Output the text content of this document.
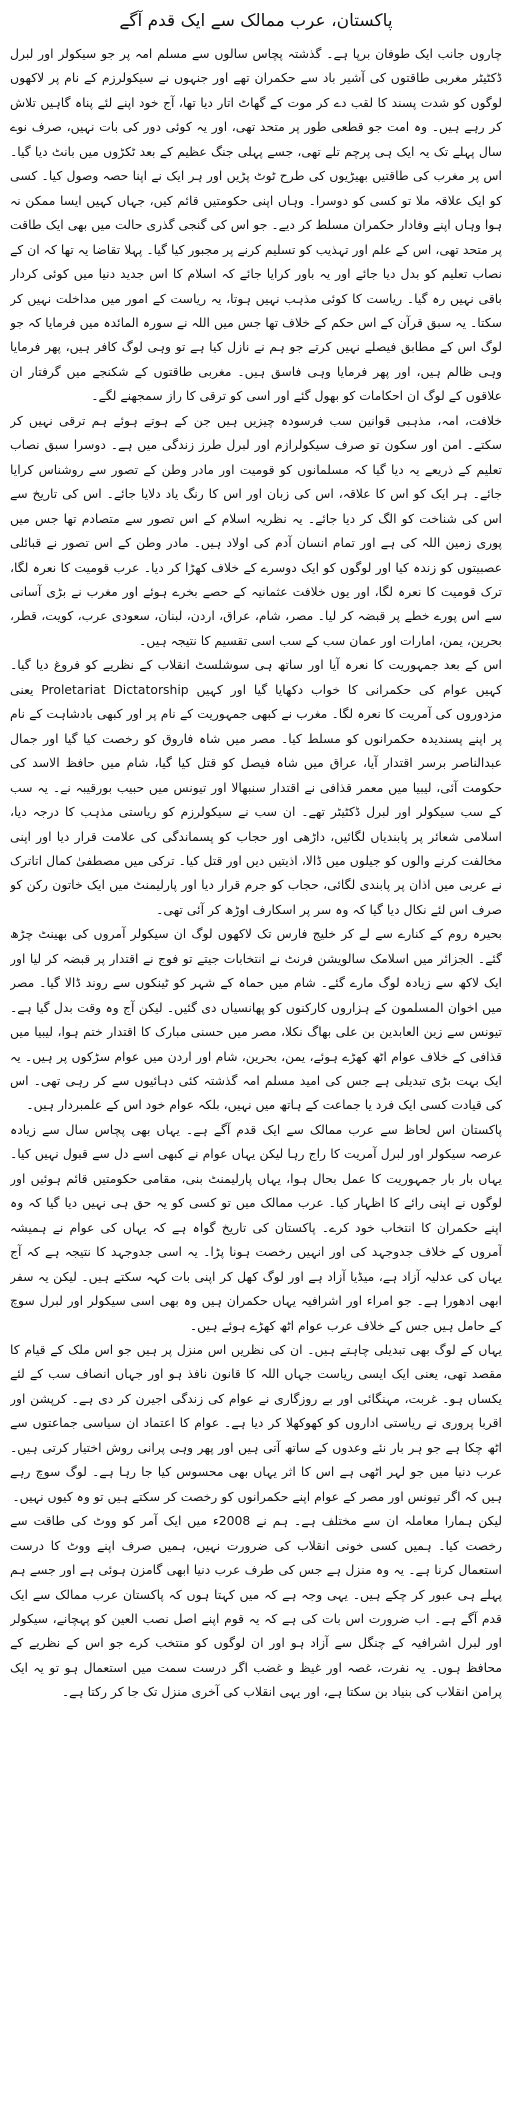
پاکستان، عرب ممالک سے ایک قدم آگے

چاروں جانب ایک طوفان برپا ہے۔ گذشتہ پچاس سالوں سے مسلم امہ پر جو سیکولر اور لبرل ڈکٹیٹر مغربی طاقتوں کی آشیر باد سے حکمران تھے اور جنہوں نے سیکولرزم کے نام پر لاکھوں لوگوں کو شدت پسند کا لقب دے کر موت کے گھاٹ اتار دیا تھا، آج خود اپنے لئے پناہ گاہیں تلاش کر رہے ہیں۔ وہ امت جو قطعی طور پر متحد تھی، اور یہ کوئی دور کی بات نہیں، صرف نوے سال پہلے تک یہ ایک ہی پرچم تلے تھی، جسے پہلی جنگ عظیم کے بعد ٹکڑوں میں بانٹ دیا گیا۔ اس پر مغرب کی طاقتیں بھیڑیوں کی طرح ٹوٹ پڑیں اور ہر ایک نے اپنا حصہ وصول کیا۔ کسی کو ایک علاقہ ملا تو کسی کو دوسرا۔ وہاں اپنی حکومتیں قائم کیں، جہاں کہیں ایسا ممکن نہ ہوا وہاں اپنے وفادار حکمران مسلط کر دیے۔ جو اس کی گنجی گذری حالت میں بھی ایک طاقت پر متحد تھی، اس کے علم اور تہذیب کو تسلیم کرنے پر مجبور کیا گیا۔ پہلا تقاضا یہ تھا کہ ان کے نصاب تعلیم کو بدل دیا جائے اور یہ باور کرایا جائے کہ اسلام کا اس جدید دنیا میں کوئی کردار باقی نہیں رہ گیا۔ ریاست کا کوئی مذہب نہیں ہوتا، یہ ریاست کے امور میں مداخلت نہیں کر سکتا۔ یہ سبق قرآن کے اس حکم کے خلاف تھا جس میں اللہ نے سورہ المائدہ میں فرمایا کہ جو لوگ اس کے مطابق فیصلے نہیں کرتے جو ہم نے نازل کیا ہے تو وہی لوگ کافر ہیں، پھر فرمایا وہی ظالم ہیں، اور پھر فرمایا وہی فاسق ہیں۔ مغربی طاقتوں کے شکنجے میں گرفتار ان علاقوں کے لوگ ان احکامات کو بھول گئے اور اسی کو ترقی کا راز سمجھنے لگے۔

خلافت، امہ، مذہبی قوانین سب فرسودہ چیزیں ہیں جن کے ہوتے ہوئے ہم ترقی نہیں کر سکتے۔ امن اور سکون تو صرف سیکولرازم اور لبرل طرز زندگی میں ہے۔ دوسرا سبق نصاب تعلیم کے ذریعے یہ دیا گیا کہ مسلمانوں کو قومیت اور مادر وطن کے تصور سے روشناس کرایا جائے۔ ہر ایک کو اس کا علاقہ، اس کی زبان اور اس کا رنگ یاد دلایا جائے۔ اس کی تاریخ سے اس کی شناخت کو الگ کر دیا جائے۔ یہ نظریہ اسلام کے اس تصور سے متصادم تھا جس میں پوری زمین اللہ کی ہے اور تمام انسان آدم کی اولاد ہیں۔ مادر وطن کے اس تصور نے قبائلی عصبیتوں کو زندہ کیا اور لوگوں کو ایک دوسرے کے خلاف کھڑا کر دیا۔ عرب قومیت کا نعرہ لگا، ترک قومیت کا نعرہ لگا، اور یوں خلافت عثمانیہ کے حصے بخرے ہوئے اور مغرب نے بڑی آسانی سے اس پورے خطے پر قبضہ کر لیا۔ مصر، شام، عراق، اردن، لبنان، سعودی عرب، کویت، قطر، بحرین، یمن، امارات اور عمان سب کے سب اسی تقسیم کا نتیجہ ہیں۔

اس کے بعد جمہوریت کا نعرہ آیا اور ساتھ ہی سوشلسٹ انقلاب کے نظریے کو فروغ دیا گیا۔ کہیں عوام کی حکمرانی کا خواب دکھایا گیا اور کہیں Proletariat Dictatorship یعنی مزدوروں کی آمریت کا نعرہ لگا۔ مغرب نے کبھی جمہوریت کے نام پر اور کبھی بادشاہت کے نام پر اپنے پسندیدہ حکمرانوں کو مسلط کیا۔ مصر میں شاہ فاروق کو رخصت کیا گیا اور جمال عبدالناصر برسر اقتدار آیا، عراق میں شاہ فیصل کو قتل کیا گیا، شام میں حافظ الاسد کی حکومت آئی، لیبیا میں معمر قذافی نے اقتدار سنبھالا اور تیونس میں حبیب بورقیبہ نے۔ یہ سب کے سب سیکولر اور لبرل ڈکٹیٹر تھے۔ ان سب نے سیکولرزم کو ریاستی مذہب کا درجہ دیا، اسلامی شعائر پر پابندیاں لگائیں، داڑھی اور حجاب کو پسماندگی کی علامت قرار دیا اور اپنی مخالفت کرنے والوں کو جیلوں میں ڈالا، اذیتیں دیں اور قتل کیا۔ ترکی میں مصطفیٰ کمال اتاترک نے عربی میں اذان پر پابندی لگائی، حجاب کو جرم قرار دیا اور پارلیمنٹ میں ایک خاتون رکن کو صرف اس لئے نکال دیا گیا کہ وہ سر پر اسکارف اوڑھ کر آئی تھی۔

بحیرہ روم کے کنارے سے لے کر خلیج فارس تک لاکھوں لوگ ان سیکولر آمروں کی بھینٹ چڑھ گئے۔ الجزائر میں اسلامک سالویشن فرنٹ نے انتخابات جیتے تو فوج نے اقتدار پر قبضہ کر لیا اور ایک لاکھ سے زیادہ لوگ مارے گئے۔ شام میں حماہ کے شہر کو ٹینکوں سے روند ڈالا گیا۔ مصر میں اخوان المسلمون کے ہزاروں کارکنوں کو پھانسیاں دی گئیں۔ لیکن آج وہ وقت بدل گیا ہے۔ تیونس سے زین العابدین بن علی بھاگ نکلا، مصر میں حسنی مبارک کا اقتدار ختم ہوا، لیبیا میں قذافی کے خلاف عوام اٹھ کھڑے ہوئے، یمن، بحرین، شام اور اردن میں عوام سڑکوں پر ہیں۔ یہ ایک بہت بڑی تبدیلی ہے جس کی امید مسلم امہ گذشتہ کئی دہائیوں سے کر رہی تھی۔ اس کی قیادت کسی ایک فرد یا جماعت کے ہاتھ میں نہیں، بلکہ عوام خود اس کے علمبردار ہیں۔

پاکستان اس لحاظ سے عرب ممالک سے ایک قدم آگے ہے۔ یہاں بھی پچاس سال سے زیادہ عرصہ سیکولر اور لبرل آمریت کا راج رہا لیکن یہاں عوام نے کبھی اسے دل سے قبول نہیں کیا۔ یہاں بار بار جمہوریت کا عمل بحال ہوا، یہاں پارلیمنٹ بنی، مقامی حکومتیں قائم ہوئیں اور لوگوں نے اپنی رائے کا اظہار کیا۔ عرب ممالک میں تو کسی کو یہ حق ہی نہیں دیا گیا کہ وہ اپنے حکمران کا انتخاب خود کرے۔ پاکستان کی تاریخ گواہ ہے کہ یہاں کی عوام نے ہمیشہ آمروں کے خلاف جدوجہد کی اور انہیں رخصت ہونا پڑا۔ یہ اسی جدوجہد کا نتیجہ ہے کہ آج یہاں کی عدلیہ آزاد ہے، میڈیا آزاد ہے اور لوگ کھل کر اپنی بات کہہ سکتے ہیں۔ لیکن یہ سفر ابھی ادھورا ہے۔ جو امراء اور اشرافیہ یہاں حکمران ہیں وہ بھی اسی سیکولر اور لبرل سوچ کے حامل ہیں جس کے خلاف عرب عوام اٹھ کھڑے ہوئے ہیں۔

یہاں کے لوگ بھی تبدیلی چاہتے ہیں۔ ان کی نظریں اس منزل پر ہیں جو اس ملک کے قیام کا مقصد تھی، یعنی ایک ایسی ریاست جہاں اللہ کا قانون نافذ ہو اور جہاں انصاف سب کے لئے یکساں ہو۔ غربت، مہنگائی اور بے روزگاری نے عوام کی زندگی اجیرن کر دی ہے۔ کرپشن اور اقربا پروری نے ریاستی اداروں کو کھوکھلا کر دیا ہے۔ عوام کا اعتماد ان سیاسی جماعتوں سے اٹھ چکا ہے جو ہر بار نئے وعدوں کے ساتھ آتی ہیں اور پھر وہی پرانی روش اختیار کرتی ہیں۔ عرب دنیا میں جو لہر اٹھی ہے اس کا اثر یہاں بھی محسوس کیا جا رہا ہے۔ لوگ سوچ رہے ہیں کہ اگر تیونس اور مصر کے عوام اپنے حکمرانوں کو رخصت کر سکتے ہیں تو وہ کیوں نہیں۔

لیکن ہمارا معاملہ ان سے مختلف ہے۔ ہم نے 2008ء میں ایک آمر کو ووٹ کی طاقت سے رخصت کیا۔ ہمیں کسی خونی انقلاب کی ضرورت نہیں، ہمیں صرف اپنے ووٹ کا درست استعمال کرنا ہے۔ یہ وہ منزل ہے جس کی طرف عرب دنیا ابھی گامزن ہوئی ہے اور جسے ہم پہلے ہی عبور کر چکے ہیں۔ یہی وجہ ہے کہ میں کہتا ہوں کہ پاکستان عرب ممالک سے ایک قدم آگے ہے۔ اب ضرورت اس بات کی ہے کہ یہ قوم اپنے اصل نصب العین کو پہچانے، سیکولر اور لبرل اشرافیہ کے چنگل سے آزاد ہو اور ان لوگوں کو منتخب کرے جو اس کے نظریے کے محافظ ہوں۔ یہ نفرت، غصہ اور غیظ و غضب اگر درست سمت میں استعمال ہو تو یہ ایک پرامن انقلاب کی بنیاد بن سکتا ہے، اور یہی انقلاب کی آخری منزل تک جا کر رکتا ہے۔
